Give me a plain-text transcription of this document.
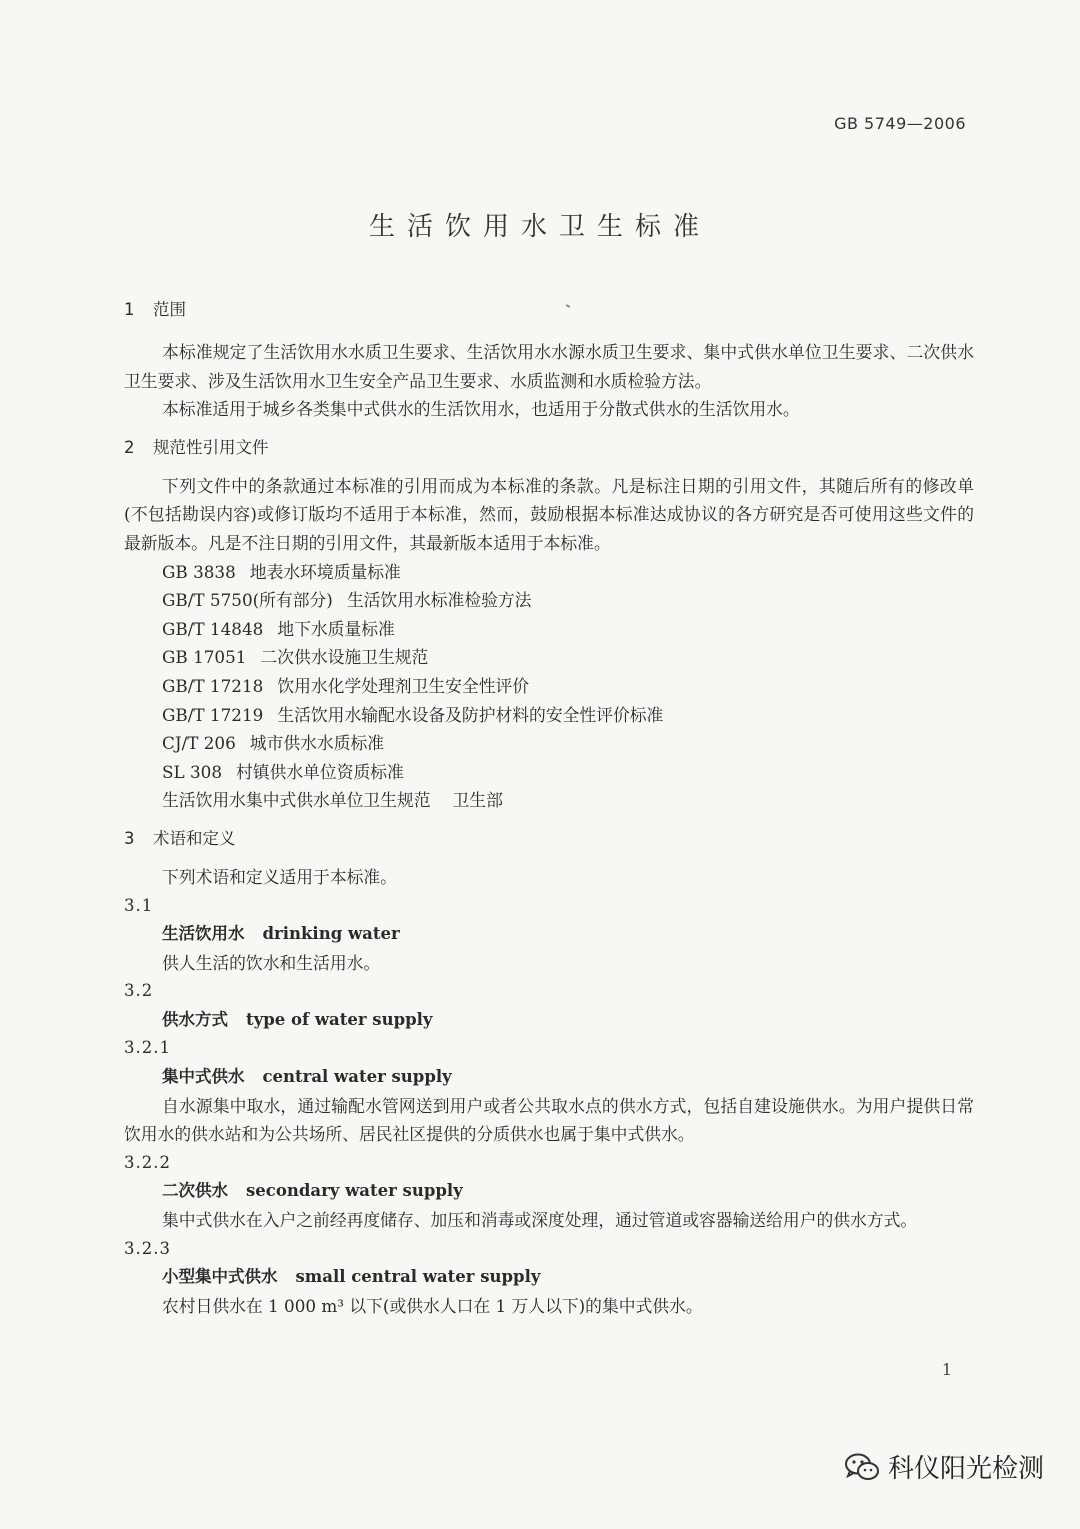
GB 5749—2006
生活饮用水卫生标准
1 范围

本标准规定了生活饮用水水质卫生要求、生活饮用水水源水质卫生要求、集中式供水单位卫生要求、二次供水卫生要求、涉及生活饮用水卫生安全产品卫生要求、水质监测和水质检验方法。

本标准适用于城乡各类集中式供水的生活饮用水，也适用于分散式供水的生活饮用水。

2 规范性引用文件

下列文件中的条款通过本标准的引用而成为本标准的条款。凡是标注日期的引用文件，其随后所有的修改单(不包括勘误内容)或修订版均不适用于本标准，然而，鼓励根据本标准达成协议的各方研究是否可使用这些文件的最新版本。凡是不注日期的引用文件，其最新版本适用于本标准。

GB 3838 地表水环境质量标准

GB/T 5750(所有部分) 生活饮用水标准检验方法

GB/T 14848 地下水质量标准

GB 17051 二次供水设施卫生规范

GB/T 17218 饮用水化学处理剂卫生安全性评价

GB/T 17219 生活饮用水输配水设备及防护材料的安全性评价标准

CJ/T 206 城市供水水质标准

SL 308 村镇供水单位资质标准

生活饮用水集中式供水单位卫生规范 卫生部

3 术语和定义

下列术语和定义适用于本标准。

3.1

生活饮用水 drinking water

供人生活的饮水和生活用水。

3.2

供水方式 type of water supply

3.2.1

集中式供水 central water supply

自水源集中取水，通过输配水管网送到用户或者公共取水点的供水方式，包括自建设施供水。为用户提供日常饮用水的供水站和为公共场所、居民社区提供的分质供水也属于集中式供水。

3.2.2

二次供水 secondary water supply

集中式供水在入户之前经再度储存、加压和消毒或深度处理，通过管道或容器输送给用户的供水方式。

3.2.3

小型集中式供水 small central water supply

农村日供水在 1 000 m³ 以下(或供水人口在 1 万人以下)的集中式供水。

1
科仪阳光检测
